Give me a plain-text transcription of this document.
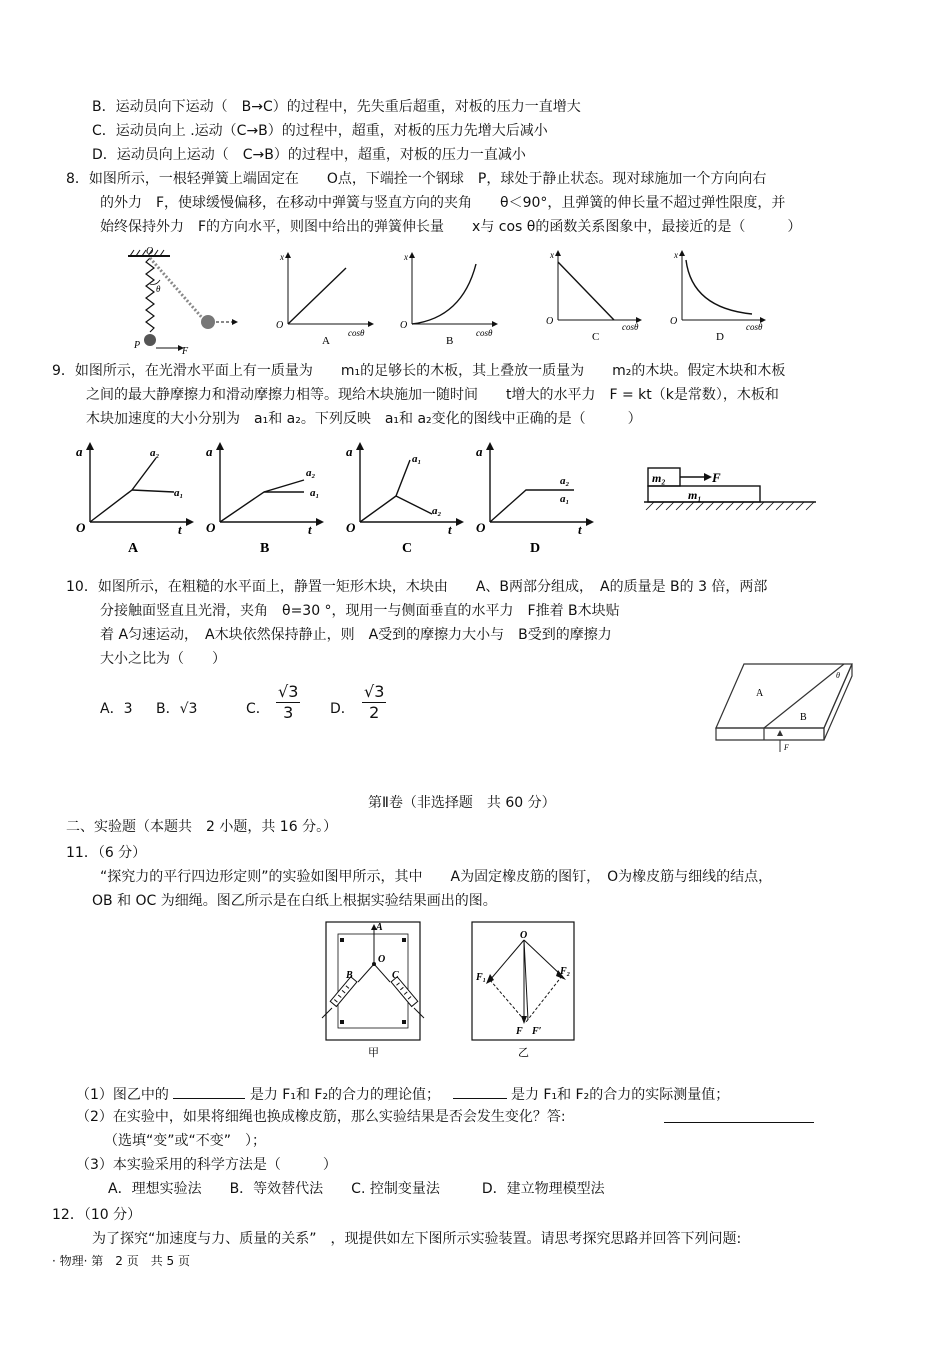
B．运动员向下运动（　B→C）的过程中，先失重后超重，对板的压力一直增大
C．运动员向上 .运动（C→B）的过程中，超重，对板的压力先增大后减小
D．运动员向上运动（　C→B）的过程中，超重，对板的压力一直减小
8．如图所示，一根轻弹簧上端固定在　　O点，下端拴一个钢球　P，球处于静止状态。现对球施加一个方向向右
的外力　F，使球缓慢偏移，在移动中弹簧与竖直方向的夹角　　θ＜90°，且弹簧的伸长量不超过弹性限度，并
始终保持外力　F的方向水平，则图中给出的弹簧伸长量　　x与 cos θ的函数关系图象中，最接近的是（　　　）
O
P
F
θ
O
x
cosθ
A
O
x
cosθ
B
O
x
cosθ
C
O
x
cosθ
D
9．如图所示，在光滑水平面上有一质量为　　m₁的足够长的木板，其上叠放一质量为　　m₂的木块。假定木块和木板
之间的最大静摩擦力和滑动摩擦力相等。现给木块施加一随时间　　t增大的水平力　F = kt（k是常数），木板和
木块加速度的大小分别为　a₁和 a₂。下列反映　a₁和 a₂变化的图线中正确的是（　　　）
a
O	t
a₂
a₁
A
a
O	t
a₂
a₁
B
a
O	t
a₁
a₂
C
a
O	t
a₂
a₁
D
m₂
m₁
F
10．如图所示，在粗糙的水平面上，静置一矩形木块，木块由　　A、B两部分组成，　A的质量是 B的 3 倍，两部
分接触面竖直且光滑，夹角　θ=30 °，现用一与侧面垂直的水平力　F推着 B木块贴
着 A匀速运动，　A木块依然保持静止，则　A受到的摩擦力大小与　B受到的摩擦力
大小之比为（　　）
A．3 B．√3	C． $\frac{√3}{3}$ D． $\frac{√3}{2}$	A
B
F
θ
第Ⅱ卷（非选择题　共 60 分）
二、实验题（本题共　2 小题，共 16 分。）
11．（6 分）
“探究力的平行四边形定则”的实验如图甲所示，其中　　A为固定橡皮筋的图钉，　O为橡皮筋与细线的结点，
OB 和 OC 为细绳。图乙所示是在白纸上根据实验结果画出的图。
A
O
B	C
甲
O
F₁
F₂
F F′
乙
（1）图乙中的	是力 F₁和 F₂的合力的理论值；	是力 F₁和 F₂的合力的实际测量值；
（2）在实验中，如果将细绳也换成橡皮筋，那么实验结果是否会发生变化？答:
（选填“变”或“不变”　）；
（3）本实验采用的科学方法是（　　　）
A．理想实验法　　B．等效替代法　　C. 控制变量法　　　D．建立物理模型法
12．（10 分）
为了探究“加速度与力、质量的关系”　，现提供如左下图所示实验装置。请思考探究思路并回答下列问题:
· 物理· 第　2 页　共 5 页
